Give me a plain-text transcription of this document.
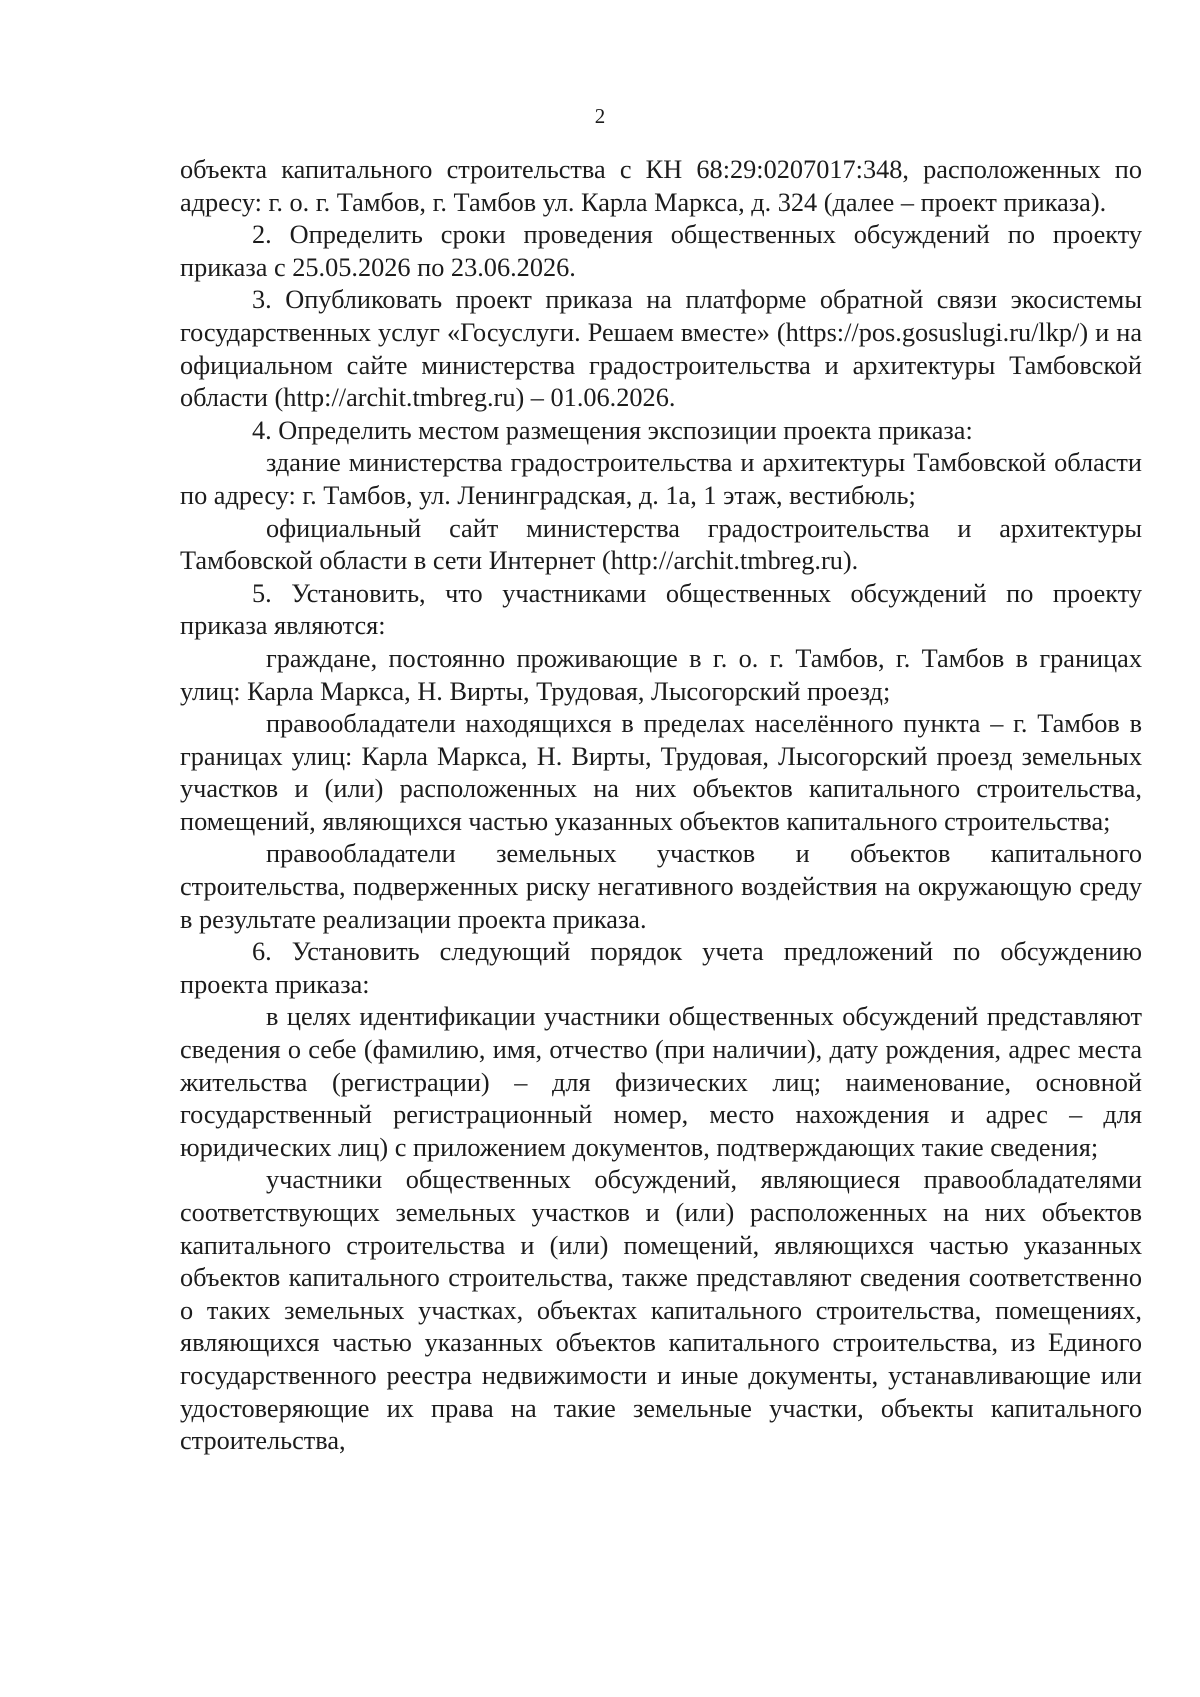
2

объекта капитального строительства с КН 68:29:0207017:348, расположенных по адресу: г. о. г. Тамбов, г. Тамбов ул. Карла Маркса, д. 324 (далее – проект приказа).

2. Определить сроки проведения общественных обсуждений по проекту приказа с 25.05.2026 по 23.06.2026.

3. Опубликовать проект приказа на платформе обратной связи экосистемы государственных услуг «Госуслуги. Решаем вместе» (https://pos.gosuslugi.ru/lkp/) и на официальном сайте министерства градостроительства и архитектуры Тамбовской области (http://archit.tmbreg.ru) – 01.06.2026.

4. Определить местом размещения экспозиции проекта приказа:

здание министерства градостроительства и архитектуры Тамбовской области по адресу: г. Тамбов, ул. Ленинградская, д. 1а, 1 этаж, вестибюль;

официальный сайт министерства градостроительства и архитектуры Тамбовской области в сети Интернет (http://archit.tmbreg.ru).

5. Установить, что участниками общественных обсуждений по проекту приказа являются:

граждане, постоянно проживающие в г. о. г. Тамбов, г. Тамбов в границах улиц: Карла Маркса, Н. Вирты, Трудовая, Лысогорский проезд;

правообладатели находящихся в пределах населённого пункта – г. Тамбов в границах улиц: Карла Маркса, Н. Вирты, Трудовая, Лысогорский проезд земельных участков и (или) расположенных на них объектов капитального строительства, помещений, являющихся частью указанных объектов капитального строительства;

правообладатели земельных участков и объектов капитального строительства, подверженных риску негативного воздействия на окружающую среду в результате реализации проекта приказа.

6. Установить следующий порядок учета предложений по обсуждению проекта приказа:

в целях идентификации участники общественных обсуждений представляют сведения о себе (фамилию, имя, отчество (при наличии), дату рождения, адрес места жительства (регистрации) – для физических лиц; наименование, основной государственный регистрационный номер, место нахождения и адрес – для юридических лиц) с приложением документов, подтверждающих такие сведения;

участники общественных обсуждений, являющиеся правообладателями соответствующих земельных участков и (или) расположенных на них объектов капитального строительства и (или) помещений, являющихся частью указанных объектов капитального строительства, также представляют сведения соответственно о таких земельных участках, объектах капитального строительства, помещениях, являющихся частью указанных объектов капитального строительства, из Единого государственного реестра недвижимости и иные документы, устанавливающие или удостоверяющие их права на такие земельные участки, объекты капитального строительства,
